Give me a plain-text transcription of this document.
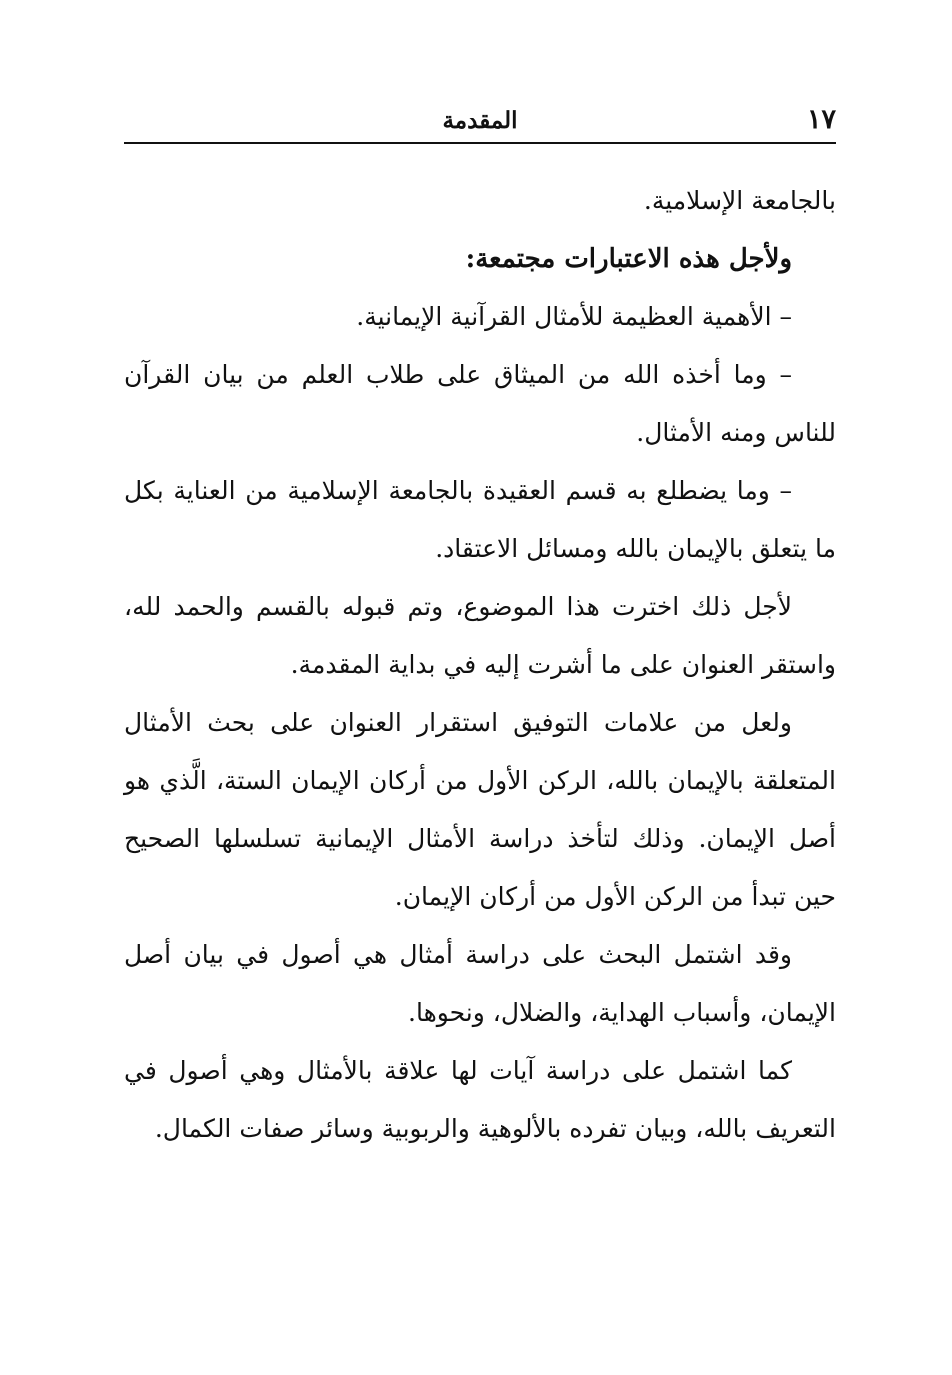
١٧
المقدمة

بالجامعة الإسلامية.

ولأجل هذه الاعتبارات مجتمعة:

– الأهمية العظيمة للأمثال القرآنية الإيمانية.

– وما أخذه الله من الميثاق على طلاب العلم من بيان القرآن للناس ومنه الأمثال.

– وما يضطلع به قسم العقيدة بالجامعة الإسلامية من العناية بكل ما يتعلق بالإيمان بالله ومسائل الاعتقاد.

لأجل ذلك اخترت هذا الموضوع، وتم قبوله بالقسم والحمد لله، واستقر العنوان على ما أشرت إليه في بداية المقدمة.

ولعل من علامات التوفيق استقرار العنوان على بحث الأمثال المتعلقة بالإيمان بالله، الركن الأول من أركان الإيمان الستة، الَّذي هو أصل الإيمان. وذلك لتأخذ دراسة الأمثال الإيمانية تسلسلها الصحيح حين تبدأ من الركن الأول من أركان الإيمان.

وقد اشتمل البحث على دراسة أمثال هي أصول في بيان أصل الإيمان، وأسباب الهداية، والضلال، ونحوها.

كما اشتمل على دراسة آيات لها علاقة بالأمثال وهي أصول في التعريف بالله، وبيان تفرده بالألوهية والربوبية وسائر صفات الكمال.
